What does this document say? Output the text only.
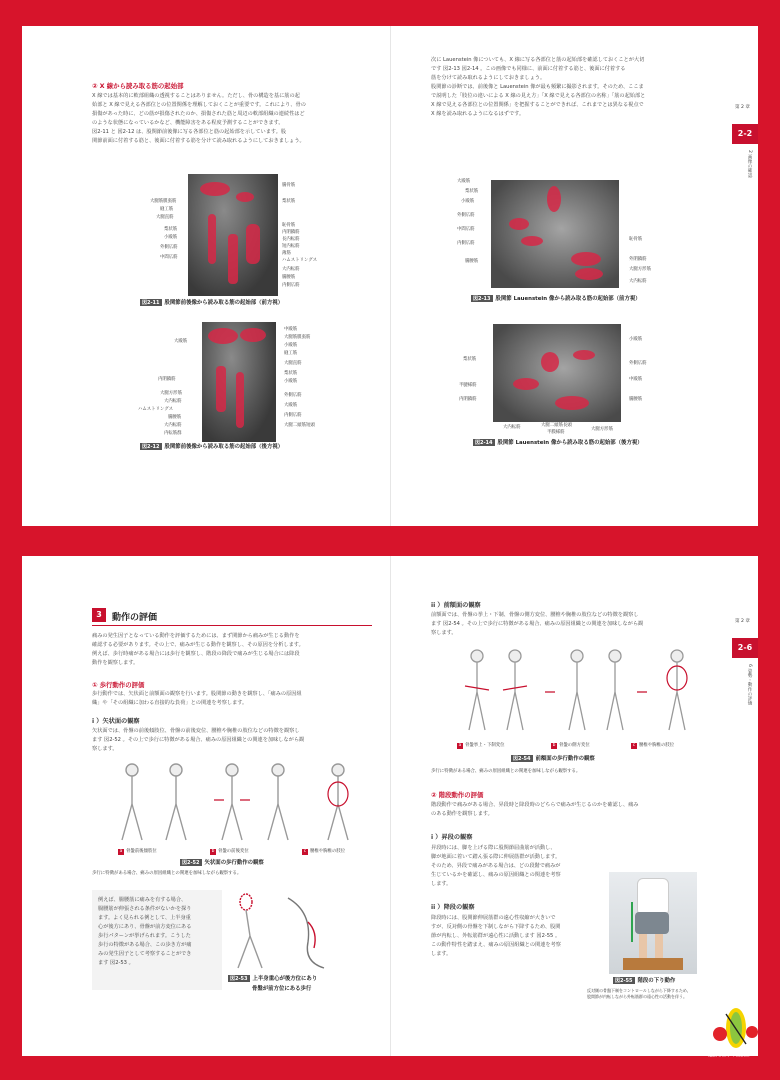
② X 線から読み取る筋の起始部
X 線では基本的に軟部組織の透視することはありません。ただし、骨の構造を基に筋の起
始部と X 線で見える各部位との位置関係を理解しておくことが重要です。これにより、骨の
損傷があった時に、どの筋が損傷されたのか、損傷された筋と周辺の軟部組織の連続性はど
のような状態になっているかなど、機能障害をある程度予測することができます。
図2-11 と 図2-12 は、股関節前後像に写る各部位と筋の起始部を示しています。股
関節前面に付着する筋と、後面に付着する筋を分けて読み取れるようにしておきましょう。
大腿筋膜張筋
縫工筋
大腿直筋
梨状筋
小殿筋
外側広筋
中間広筋
腸骨筋
梨状筋
恥骨筋
内閉鎖筋
長内転筋
短内転筋
薄筋
ハムストリングス
大内転筋
腸腰筋
内側広筋
図2-11 股関節前後像から読み取る筋の起始部（前方視）
大殿筋
内閉鎖筋
大腿方形筋
大内転筋
ハムストリングス
腸腰筋
大内転筋
内転筋群
中殿筋
大腿筋膜張筋
小殿筋
縫工筋
大腿直筋
梨状筋
小殿筋
外側広筋
大殿筋
内側広筋
大腿二頭筋短頭
図2-12 股関節前後像から読み取る筋の起始部（後方視）
次に Lauenstein 像についても、X 線に写る各部位と筋の起始部を確認しておくことが大切
です 図2-13 図2-14 。この画像でも同様に、前面に付着する筋と、後面に付着する
筋を分けて読み取れるようにしておきましょう。
股関節の診断では、前後像と Lauenstein 像が最も頻繁に撮影されます。そのため、ここま
で説明した「肢位の違いによる X 線の見え方」「X 線で見える各部位の名称」「筋の起始部と
X 線で見える各部位との位置関係」を把握することができれば、これまでとは異なる視点で
X 線を読み取れるようになるはずです。
第 2 章
2-2
2 画像の確認
大殿筋
梨状筋
小殿筋
外側広筋
中間広筋
内側広筋
腸腰筋
恥骨筋
外閉鎖筋
大腿方形筋
大内転筋
図2-13 股関節 Lauenstein 像から読み取る筋の起始部（前方視）
梨状筋
半腱様筋
内閉鎖筋
小殿筋
外側広筋
中殿筋
腸腰筋
大内転筋	大腿二頭筋長頭
半膜様筋
大腿方形筋
図2-14 股関節 Lauenstein 像から読み取る筋の起始部（後方視）
3	動作の評価
痛みの発生因子となっている動作を評価するためには、まず関節から痛みが生じる動作を
確認する必要があります。その上で、痛みが生じる動作を観察し、その原因を分析します。
例えば、歩行時痛がある場合には歩行を観察し、階段の降段で痛みが生じる場合には降段
動作を観察します。
① 歩行動作の評価
歩行動作では、矢状面と前額面の観察を行います。股関節の動きを観察し、「痛みの原因組
織」や「その組織に加わる直接的な負荷」との関連を考察します。
i ）矢状面の観察
矢状面では、骨盤の前後傾肢位、骨盤の前後変位、腰椎や胸椎の肢位などの特徴を観察し
ます 図2-52 。その上で歩行に特徴がある場合、痛みの原因組織との関連を加味しながら観
察します。
a 骨盤前後傾肢位	b 骨盤の前後変位	c 腰椎や胸椎の肢位
図2-52 矢状面の歩行動作の観察
歩行に特徴がある場合、痛みの原因組織との関連を加味しながら観察する。
例えば、腸腰筋に痛みを有する場合、
腸腰筋が伸張される条件がないかを探り
ます。よく見られる例として、上半身重
心が後方にあり、骨盤が前方変位にある
歩行パターンが挙げられます。こうした
歩行の特徴がある場合、この歩き方が痛
みの発生因子として考察することができ
ます 図2-53 。
図2-53 上半身重心が後方位にあり
骨盤が前方位にある歩行
ii ）前額面の観察
前額面では、骨盤の挙上・下制、骨盤の側方変位、腰椎や胸椎の肢位などの特徴を観察し
ます 図2-54 。その上で歩行に特徴がある場合、痛みの原因組織との関連を加味しながら観
察します。
第 2 章
2-6
6 姿勢・動作の評価
a 骨盤挙上・下制変位	b 骨盤の側方変位	c 腰椎や胸椎の肢位
図2-54 前額面の歩行動作の観察
歩行に特徴がある場合、痛みの原因組織との関連を加味しながら観察する。
② 階段動作の評価
階段動作で痛みがある場合、昇段時と降段時のどちらで痛みが生じるのかを確認し、痛み
のある動作を観察します。
i ）昇段の観察
昇段時には、脚を上げる際に股関節屈曲筋が活動し、
脚が地面に着いて踏ん張る際に伸展筋群が活動します。
そのため、昇段で痛みがある場合は、どの段階で痛みが
生じているかを確認し、痛みの原因組織との関連を考察
します。
ii ）降段の観察
降段時には、股関節伸展筋群の遠心性収縮が大きいで
すが、反対側の骨盤を下制しながら下降するため、股関
節が内転し、外転筋群が遠心性に活動します 図2-55 。
この動作特性を踏まえ、痛みの原因組織との関連を考察
します。
図2-55 階段の下り動作
反対側の骨盤下制をコントロールしながら下降するため、
股関節が内転しながら外転筋群の遠心性の活動を伴う。
運動と医学の出版社
